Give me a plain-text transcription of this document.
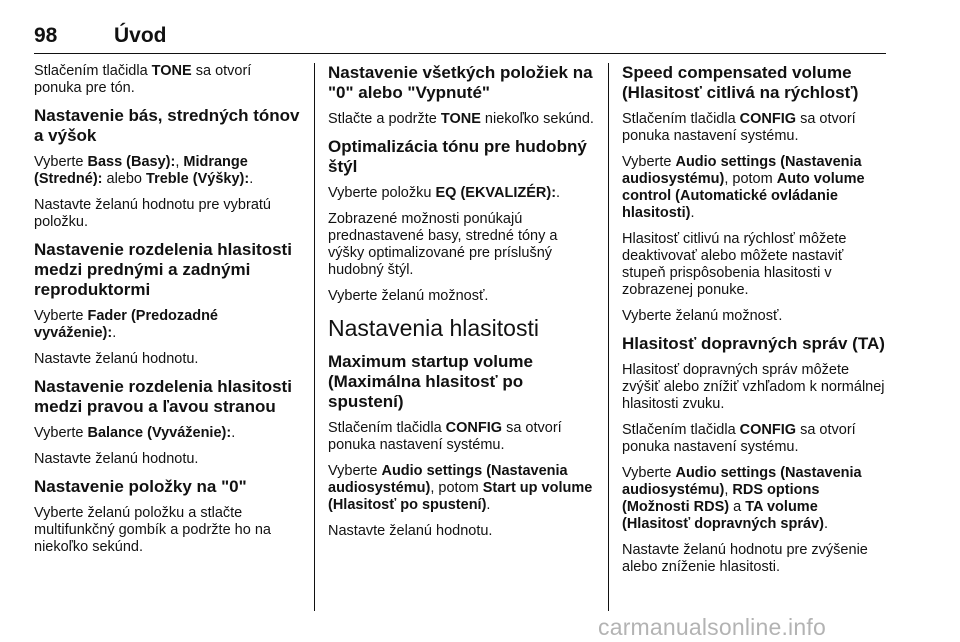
98	Úvod

Stlačením tlačidla TONE sa otvorí ponuka pre tón.

Nastavenie bás, stredných tónov a výšok

Vyberte Bass (Basy):, Midrange (Stredné): alebo Treble (Výšky):.

Nastavte želanú hodnotu pre vybratú položku.

Nastavenie rozdelenia hlasitosti medzi prednými a zadnými reproduktormi

Vyberte Fader (Predozadné vyváženie):.

Nastavte želanú hodnotu.

Nastavenie rozdelenia hlasitosti medzi pravou a ľavou stranou

Vyberte Balance (Vyváženie):.

Nastavte želanú hodnotu.

Nastavenie položky na "0"

Vyberte želanú položku a stlačte multifunkčný gombík a podržte ho na niekoľko sekúnd.

Nastavenie všetkých položiek na "0" alebo "Vypnuté"

Stlačte a podržte TONE niekoľko sekúnd.

Optimalizácia tónu pre hudobný štýl

Vyberte položku EQ (EKVALIZÉR):.

Zobrazené možnosti ponúkajú prednastavené basy, stredné tóny a výšky optimalizované pre príslušný hudobný štýl.

Vyberte želanú možnosť.

Nastavenia hlasitosti
Maximum startup volume (Maximálna hlasitosť po spustení)

Stlačením tlačidla CONFIG sa otvorí ponuka nastavení systému.

Vyberte Audio settings (Nastavenia audiosystému), potom Start up volume (Hlasitosť po spustení).

Nastavte želanú hodnotu.

Speed compensated volume (Hlasitosť citlivá na rýchlosť)

Stlačením tlačidla CONFIG sa otvorí ponuka nastavení systému.

Vyberte Audio settings (Nastavenia audiosystému), potom Auto volume control (Automatické ovládanie hlasitosti).

Hlasitosť citlivú na rýchlosť môžete deaktivovať alebo môžete nastaviť stupeň prispôsobenia hlasitosti v zobrazenej ponuke.

Vyberte želanú možnosť.

Hlasitosť dopravných správ (TA)

Hlasitosť dopravných správ môžete zvýšiť alebo znížiť vzhľadom k normálnej hlasitosti zvuku.

Stlačením tlačidla CONFIG sa otvorí ponuka nastavení systému.

Vyberte Audio settings (Nastavenia audiosystému), RDS options (Možnosti RDS) a TA volume (Hlasitosť dopravných správ).

Nastavte želanú hodnotu pre zvýšenie alebo zníženie hlasitosti.

carmanualsonline.info
